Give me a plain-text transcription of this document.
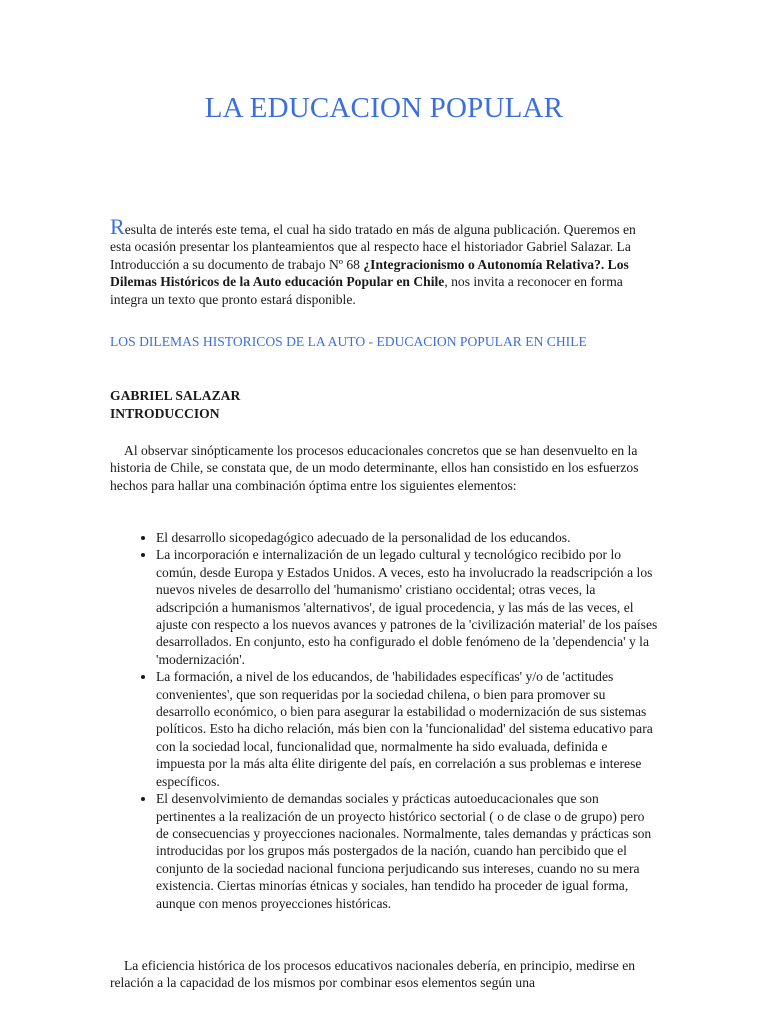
LA EDUCACION POPULAR

Resulta de interés este tema, el cual ha sido tratado en más de alguna publicación. Queremos en esta ocasión presentar los planteamientos que al respecto hace el historiador Gabriel Salazar. La Introducción a su documento de trabajo Nº 68 ¿Integracionismo o Autonomía Relativa?. Los Dilemas Históricos de la Auto educación Popular en Chile, nos invita a reconocer en forma integra un texto que pronto estará disponible.

LOS DILEMAS HISTORICOS DE LA AUTO - EDUCACION POPULAR EN CHILE
GABRIEL SALAZAR
INTRODUCCION

Al observar sinópticamente los procesos educacionales concretos que se han desenvuelto en la historia de Chile, se constata que, de un modo determinante, ellos han consistido en los esfuerzos hechos para hallar una combinación óptima entre los siguientes elementos:

• El desarrollo sicopedagógico adecuado de la personalidad de los educandos.
• La incorporación e internalización de un legado cultural y tecnológico recibido por lo común, desde Europa y Estados Unidos. A veces, esto ha involucrado la readscripción a los nuevos niveles de desarrollo del 'humanismo' cristiano occidental; otras veces, la adscripción a humanismos 'alternativos', de igual procedencia, y las más de las veces, el ajuste con respecto a los nuevos avances y patrones de la 'civilización material' de los países desarrollados. En conjunto, esto ha configurado el doble fenómeno de la 'dependencia' y la 'modernización'.
• La formación, a nivel de los educandos, de 'habilidades específicas' y/o de 'actitudes convenientes', que son requeridas por la sociedad chilena, o bien para promover su desarrollo económico, o bien para asegurar la estabilidad o modernización de sus sistemas políticos. Esto ha dicho relación, más bien con la 'funcionalidad' del sistema educativo para con la sociedad local, funcionalidad que, normalmente ha sido evaluada, definida e impuesta por la más alta élite dirigente del país, en correlación a sus problemas e interese específicos.
• El desenvolvimiento de demandas sociales y prácticas autoeducacionales que son pertinentes a la realización de un proyecto histórico sectorial ( o de clase o de grupo) pero de consecuencias y proyecciones nacionales. Normalmente, tales demandas y prácticas son introducidas por los grupos más postergados de la nación, cuando han percibido que el conjunto de la sociedad nacional funciona perjudicando sus intereses, cuando no su mera existencia. Ciertas minorías étnicas y sociales, han tendido ha proceder de igual forma, aunque con menos proyecciones históricas.

La eficiencia histórica de los procesos educativos nacionales debería, en principio, medirse en relación a la capacidad de los mismos por combinar esos elementos según una
